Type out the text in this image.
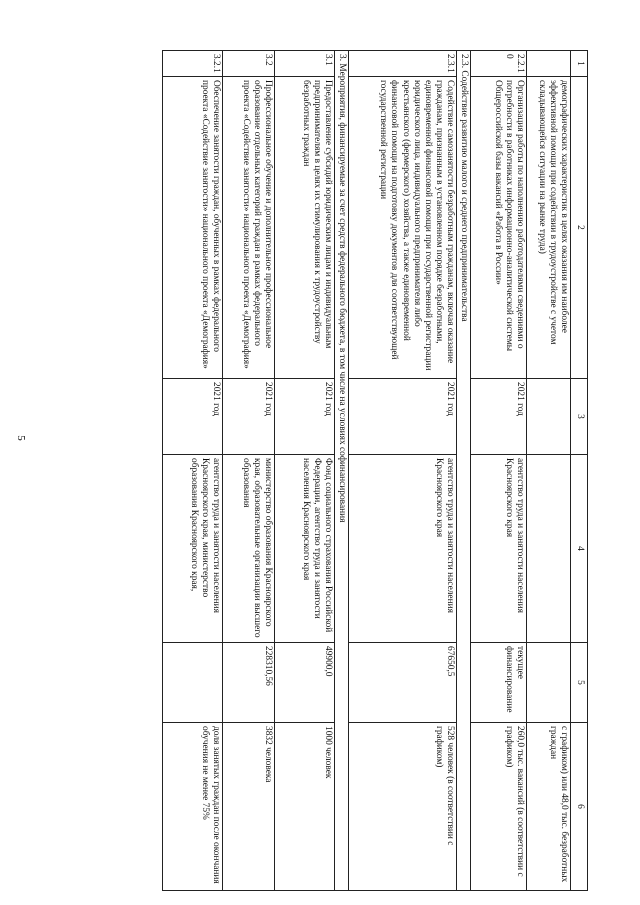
5
1	2	3	4	5	6
	демографических характеристик в целях оказания им наиболее эффективной помощи при содействии в трудоустройстве с учетом складывающейся ситуации на рынке труда)				с графиком) или 48,0 тыс. безработных граждан
2.2.10	Организация работы по наполнению работодателями сведениями о потребности в работниках информационно-аналитической системы Общероссийской базы вакансий «Работа в России»	2021 год	агентство труда и занятости населения Красноярского края	текущее финансирование	260,0 тыс. вакансий (в соответствии с графиком)
2.3. Содействие развитию малого и среднего предпринимательства					
2.3.1	Содействие самозанятости безработным гражданам, включая оказание гражданам, признанным в установленном порядке безработными, единовременной финансовой помощи при государственной регистрации юридического лица, индивидуального предпринимателя либо крестьянского (фермерского) хозяйства, а также единовременной финансовой помощи на подготовку документов для соответствующей государственной регистрации	2021 год	агентство труда и занятости населения Красноярского края	67650,5	528 человек (в соответствии с графиком)
3. Мероприятия, финансируемые за счет средств федерального бюджета, в том числе на условиях софинансирования					
3.1	Предоставление субсидий юридическим лицам и индивидуальным предпринимателям в целях их стимулирования к трудоустройству безработных граждан	2021 год	Фонд социального страхования Российской Федерации, агентство труда и занятости населения Красноярского края	49900,0	1000 человек
3.2	Профессиональное обучение и дополнительное профессиональное образование отдельных категорий граждан в рамках федерального проекта «Содействие занятости» национального проекта «Демография»	2021 год	министерство образования Красноярского края, образовательные организации высшего образования	228310,56	3832 человека
3.2.1	Обеспечение занятости граждан, обученных в рамках федерального проекта «Содействие занятости» национального проекта «Демография»	2021 год	агентство труда и занятости населения Красноярского края, министерство образования Красноярского края,		доля занятых граждан после окончания обучения не менее 75%
